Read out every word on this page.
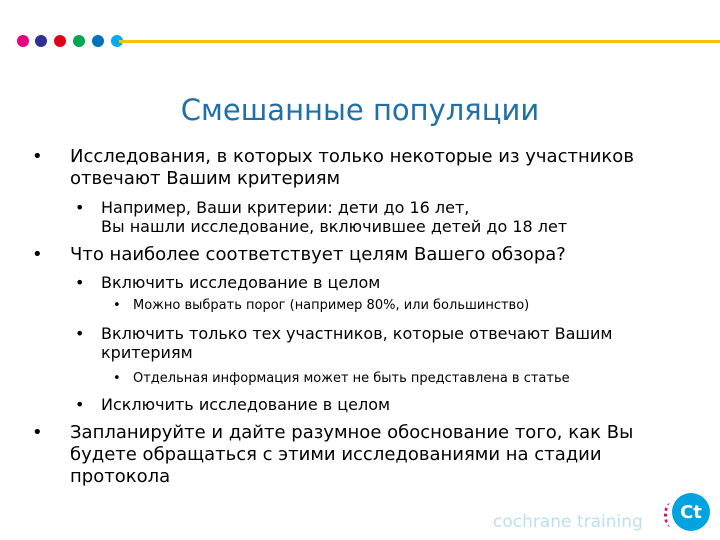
Смешанные популяции
• Исследования, в которых только некоторые из участников
отвечают Вашим критериям
• Например, Ваши критерии: дети до 16 лет,
Вы нашли исследование, включившее детей до 18 лет
• Что наиболее соответствует целям Вашего обзора?
• Включить исследование в целом
• Можно выбрать порог (например 80%, или большинство)
• Включить только тех участников, которые отвечают Вашим
критериям
• Отдельная информация может не быть представлена в статье
• Исключить исследование в целом
• Запланируйте и дайте разумное обоснование того, как Вы
будете обращаться с этими исследованиями на стадии
протокола
cochrane training	Ct
